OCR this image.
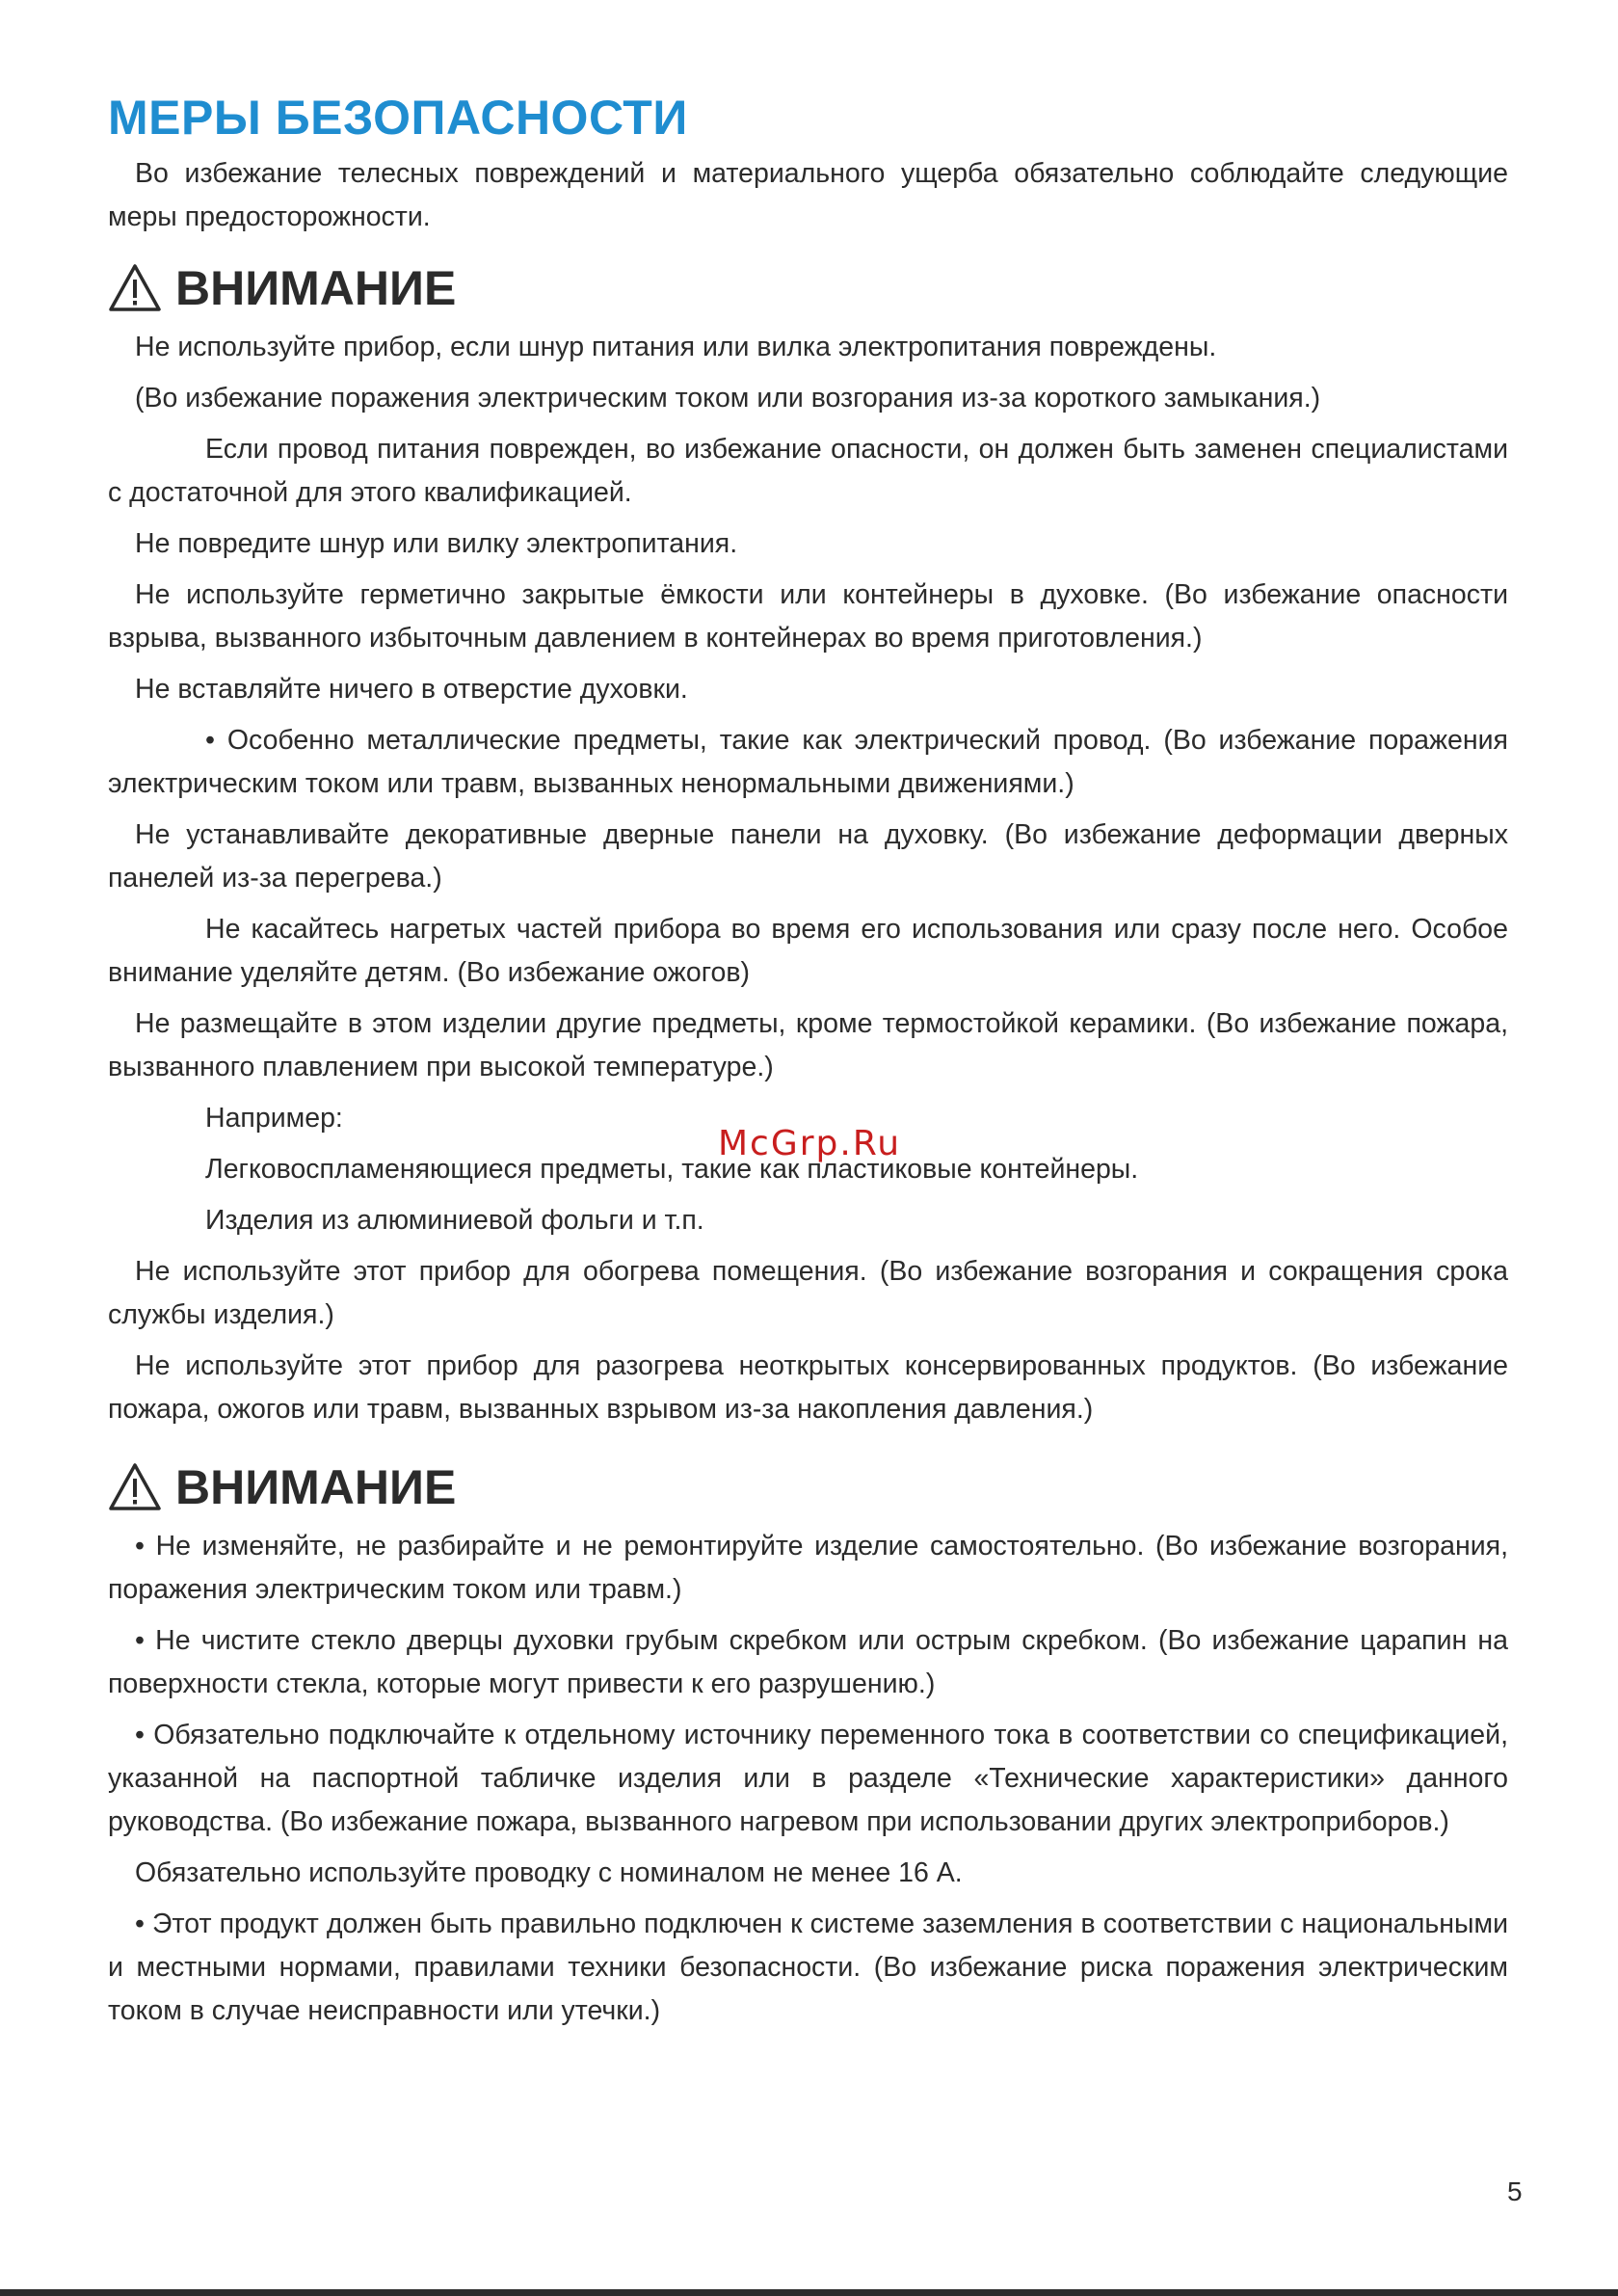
МЕРЫ БЕЗОПАСНОСТИ

Во избежание телесных повреждений и материального ущерба обязательно соблюдайте следующие меры предосторожности.

ВНИМАНИЕ

Не используйте прибор, если шнур питания или вилка электропитания повреждены.

(Во избежание поражения электрическим током или возгорания из-за короткого замыкания.)

Если провод питания поврежден, во избежание опасности, он должен быть заменен специалистами с достаточной для этого квалификацией.

Не повредите шнур или вилку электропитания.

Не используйте герметично закрытые ёмкости или контейнеры в духовке. (Во избежание опасности взрыва, вызванного избыточным давлением в контейнерах во время приготовления.)

Не вставляйте ничего в отверстие духовки.

• Особенно металлические предметы, такие как электрический провод. (Во избежание поражения электрическим током или травм, вызванных ненормальными движениями.)

Не устанавливайте декоративные дверные панели на духовку. (Во избежание деформации дверных панелей из-за перегрева.)

Не касайтесь нагретых частей прибора во время его использования или сразу после него. Особое внимание уделяйте детям. (Во избежание ожогов)

Не размещайте в этом изделии другие предметы, кроме термостойкой керамики. (Во избежание пожара, вызванного плавлением при высокой температуре.)

Например:

Легковоспламеняющиеся предметы, такие как пластиковые контейнеры.

Изделия из алюминиевой фольги и т.п.

Не используйте этот прибор для обогрева помещения. (Во избежание возгорания и сокращения срока службы изделия.)

Не используйте этот прибор для разогрева неоткрытых консервированных продуктов. (Во избежание пожара, ожогов или травм, вызванных взрывом из-за накопления давления.)

ВНИМАНИЕ

• Не изменяйте, не разбирайте и не ремонтируйте изделие самостоятельно. (Во избежание возгорания, поражения электрическим током или травм.)

• Не чистите стекло дверцы духовки грубым скребком или острым скребком. (Во избежание царапин на поверхности стекла, которые могут привести к его разрушению.)

• Обязательно подключайте к отдельному источнику переменного тока в соответствии со спецификацией, указанной на паспортной табличке изделия или в разделе «Технические характеристики» данного руководства. (Во избежание пожара, вызванного нагревом при использовании других электроприборов.)

Обязательно используйте проводку с номиналом не менее 16 А.

• Этот продукт должен быть правильно подключен к системе заземления в соответствии с национальными и местными нормами, правилами техники безопасности. (Во избежание риска поражения электрическим током в случае неисправности или утечки.)

McGrp.Ru
5
